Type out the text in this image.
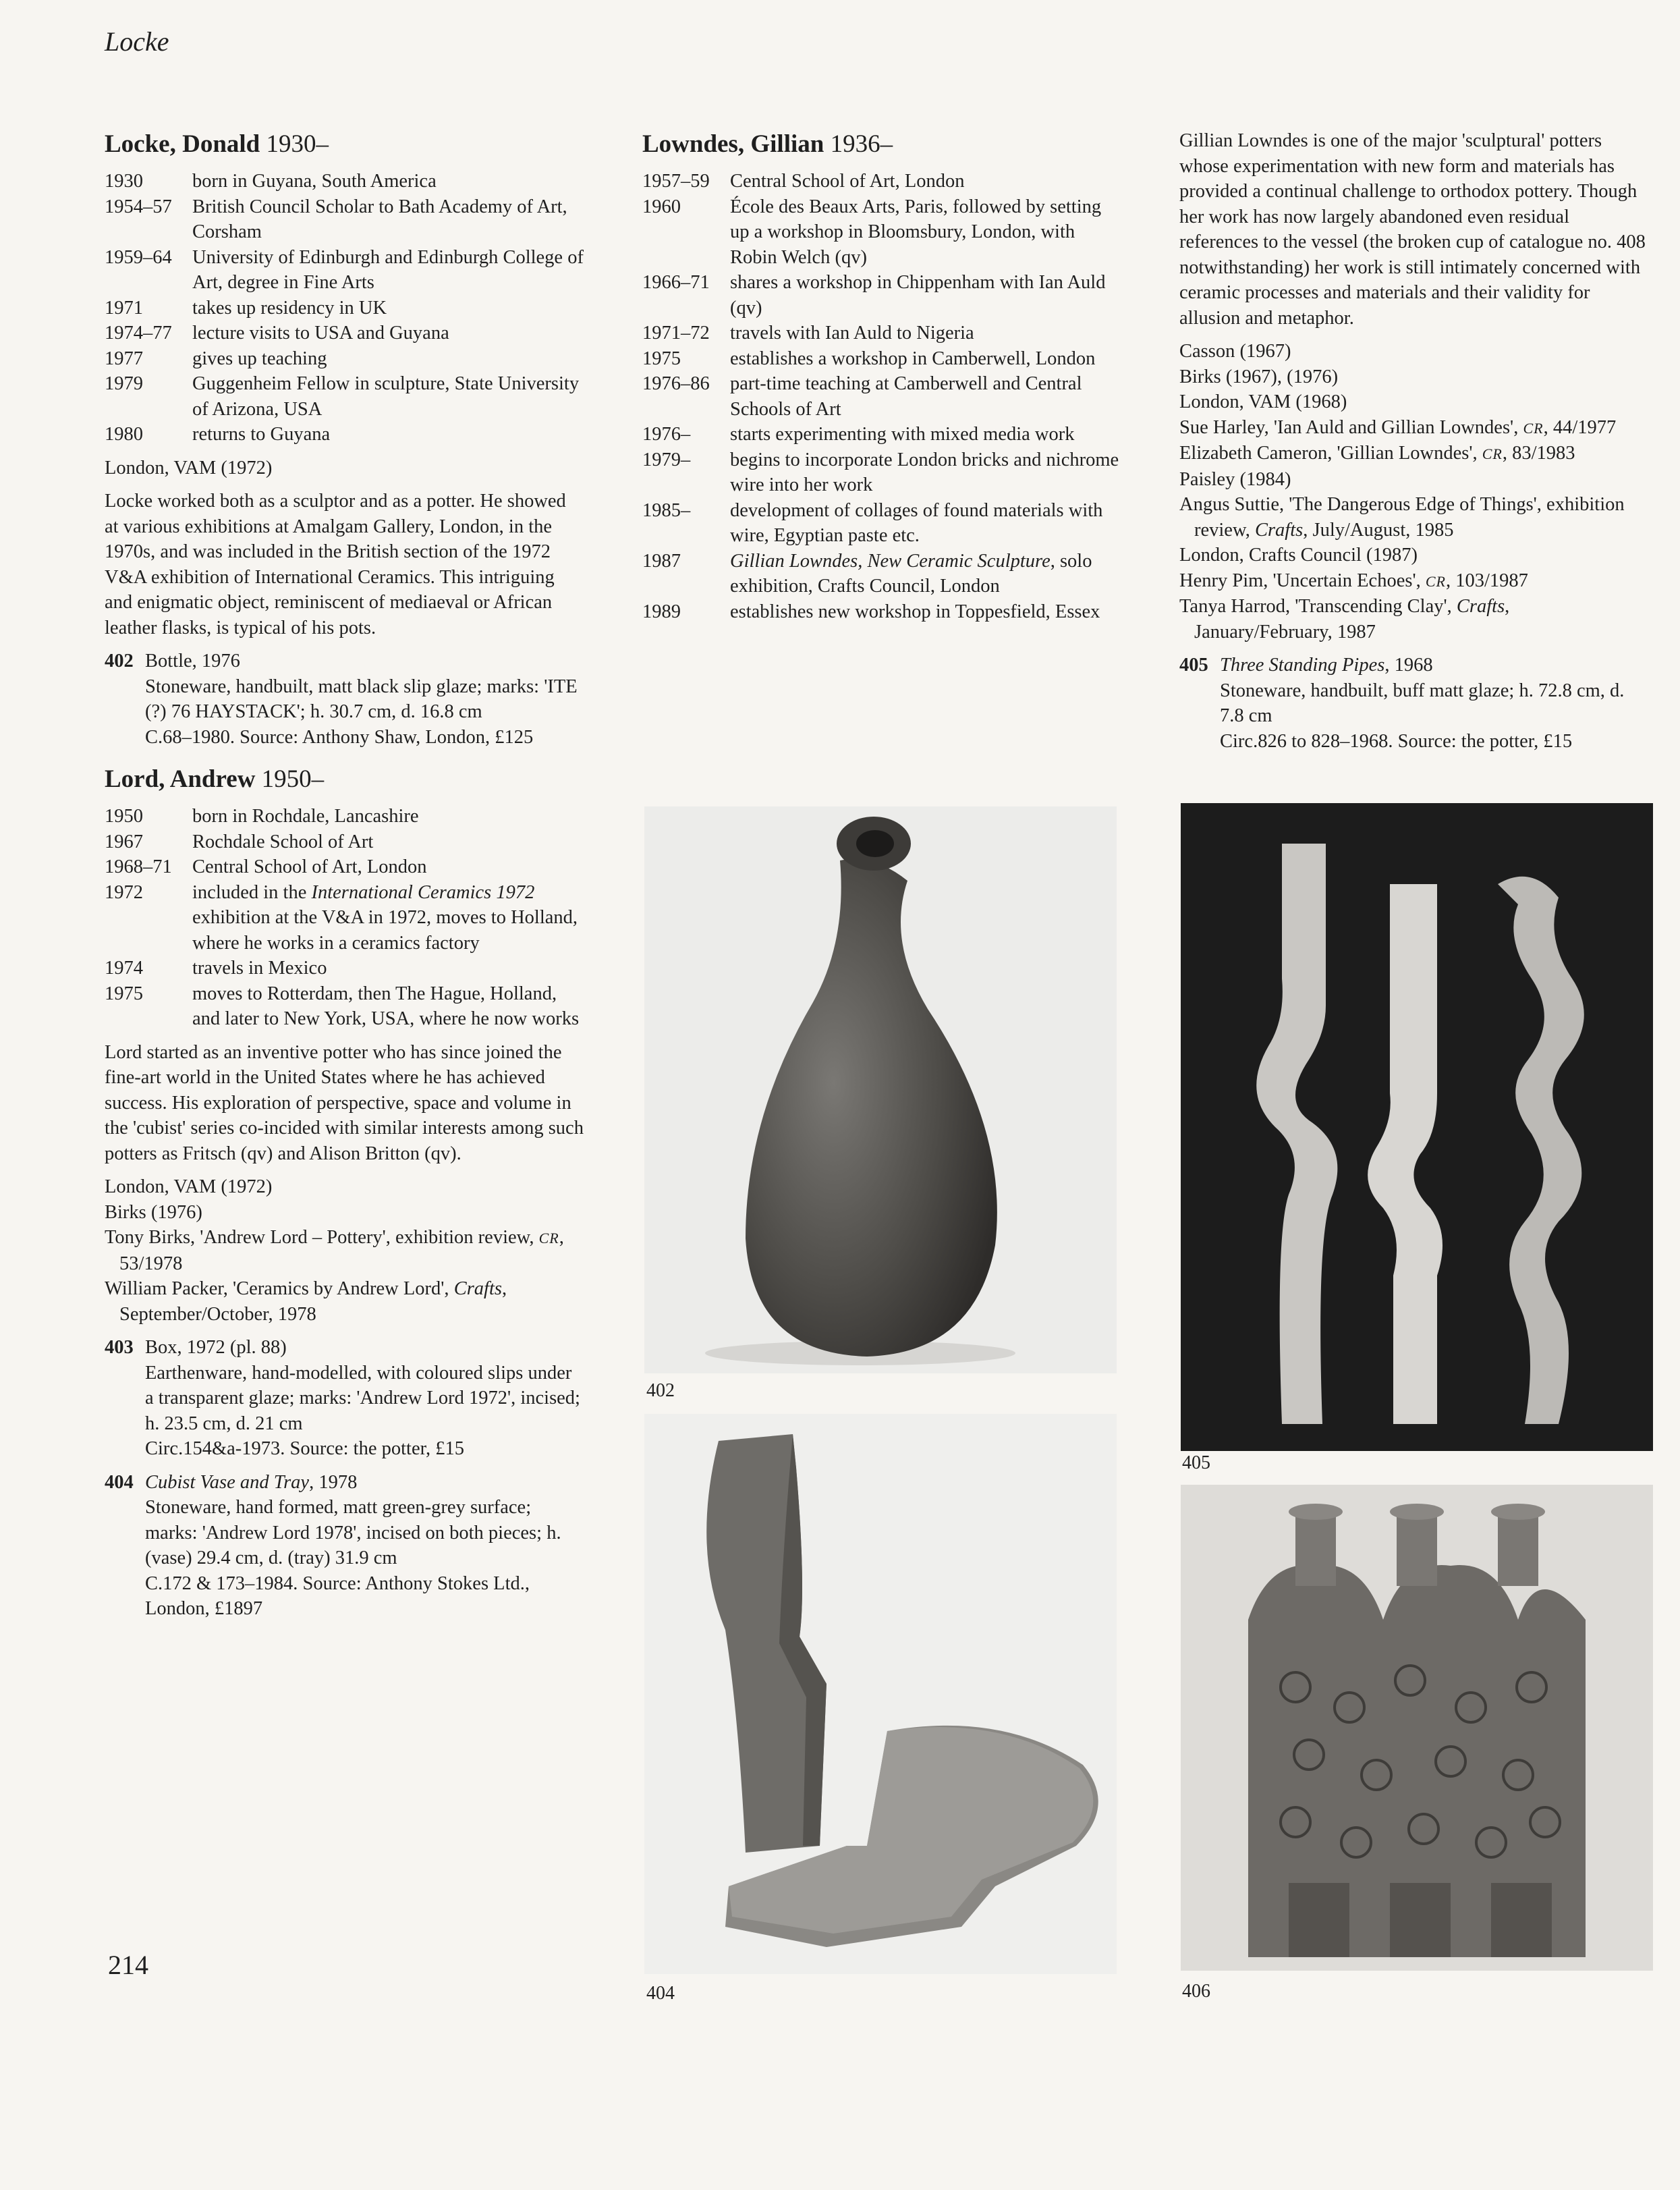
Locke
Locke, Donald 1930–
1930	born in Guyana, South America
1954–57	British Council Scholar to Bath Academy of Art, Corsham
1959–64	University of Edinburgh and Edinburgh College of Art, degree in Fine Arts
1971	takes up residency in UK
1974–77	lecture visits to USA and Guyana
1977	gives up teaching
1979	Guggenheim Fellow in sculpture, State University of Arizona, USA
1980	returns to Guyana
London, VAM (1972)
Locke worked both as a sculptor and as a potter. He showed at various exhibitions at Amalgam Gallery, London, in the 1970s, and was included in the British section of the 1972 V&A exhibition of International Ceramics. This intriguing and enigmatic object, reminiscent of mediaeval or African leather flasks, is typical of his pots.
402 Bottle, 1976
Stoneware, handbuilt, matt black slip glaze; marks: 'ITE (?) 76 HAYSTACK'; h. 30.7 cm, d. 16.8 cm
C.68–1980. Source: Anthony Shaw, London, £125
Lord, Andrew 1950–
1950	born in Rochdale, Lancashire
1967	Rochdale School of Art
1968–71	Central School of Art, London
1972	included in the International Ceramics 1972 exhibition at the V&A in 1972, moves to Holland, where he works in a ceramics factory
1974	travels in Mexico
1975	moves to Rotterdam, then The Hague, Holland, and later to New York, USA, where he now works
Lord started as an inventive potter who has since joined the fine-art world in the United States where he has achieved success. His exploration of perspective, space and volume in the 'cubist' series co-incided with similar interests among such potters as Fritsch (qv) and Alison Britton (qv).
London, VAM (1972)
Birks (1976)
Tony Birks, 'Andrew Lord – Pottery', exhibition review, CR, 53/1978
William Packer, 'Ceramics by Andrew Lord', Crafts, September/October, 1978
403 Box, 1972 (pl. 88)
Earthenware, hand-modelled, with coloured slips under a transparent glaze; marks: 'Andrew Lord 1972', incised; h. 23.5 cm, d. 21 cm
Circ.154&a-1973. Source: the potter, £15
404 Cubist Vase and Tray, 1978
Stoneware, hand formed, matt green-grey surface; marks: 'Andrew Lord 1978', incised on both pieces; h. (vase) 29.4 cm, d. (tray) 31.9 cm
C.172 & 173–1984. Source: Anthony Stokes Ltd., London, £1897
Lowndes, Gillian 1936–
1957–59	Central School of Art, London
1960	École des Beaux Arts, Paris, followed by setting up a workshop in Bloomsbury, London, with Robin Welch (qv)
1966–71	shares a workshop in Chippenham with Ian Auld (qv)
1971–72	travels with Ian Auld to Nigeria
1975	establishes a workshop in Camberwell, London
1976–86	part-time teaching at Camberwell and Central Schools of Art
1976–	starts experimenting with mixed media work
1979–	begins to incorporate London bricks and nichrome wire into her work
1985–	development of collages of found materials with wire, Egyptian paste etc.
1987	Gillian Lowndes, New Ceramic Sculpture, solo exhibition, Crafts Council, London
1989	establishes new workshop in Toppesfield, Essex
Gillian Lowndes is one of the major 'sculptural' potters whose experimentation with new form and materials has provided a continual challenge to orthodox pottery. Though her work has now largely abandoned even residual references to the vessel (the broken cup of catalogue no. 408 notwithstanding) her work is still intimately concerned with ceramic processes and materials and their validity for allusion and metaphor.
Casson (1967)
Birks (1967), (1976)
London, VAM (1968)
Sue Harley, 'Ian Auld and Gillian Lowndes', CR, 44/1977
Elizabeth Cameron, 'Gillian Lowndes', CR, 83/1983
Paisley (1984)
Angus Suttie, 'The Dangerous Edge of Things', exhibition review, Crafts, July/August, 1985
London, Crafts Council (1987)
Henry Pim, 'Uncertain Echoes', CR, 103/1987
Tanya Harrod, 'Transcending Clay', Crafts, January/February, 1987
405 Three Standing Pipes, 1968
Stoneware, handbuilt, buff matt glaze; h. 72.8 cm, d. 7.8 cm
Circ.826 to 828–1968. Source: the potter, £15
402
404
405
406
214
